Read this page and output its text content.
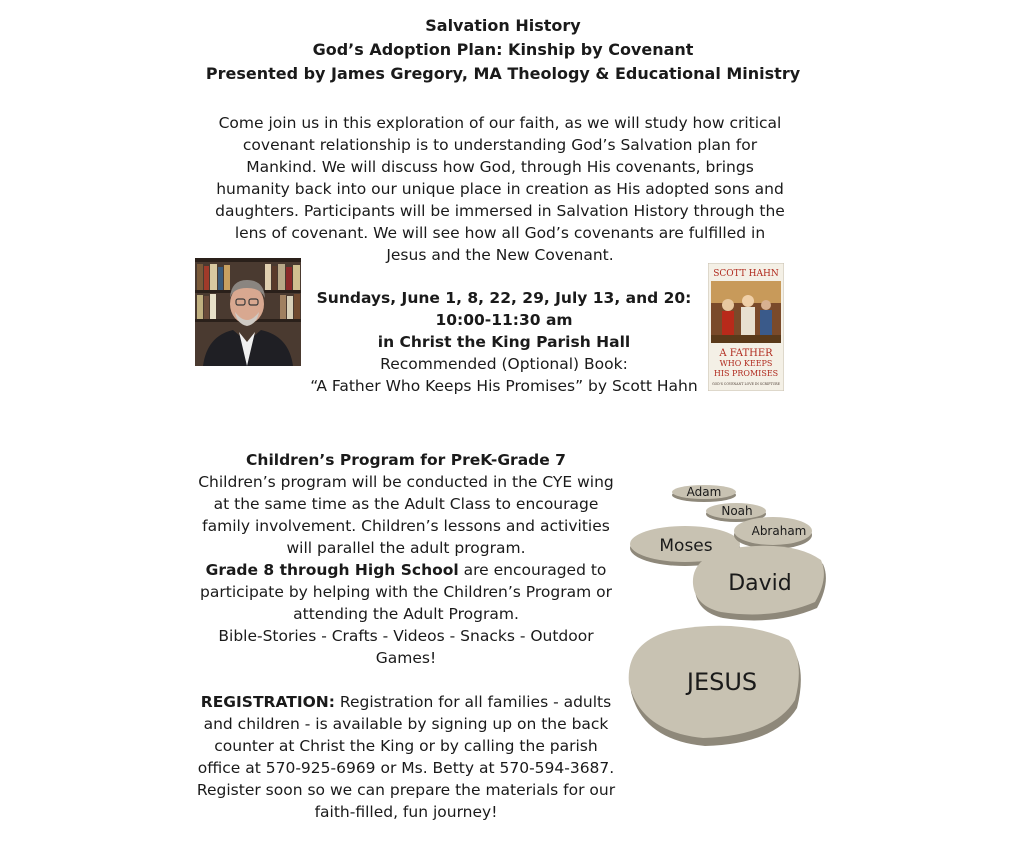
Salvation History
God’s Adoption Plan: Kinship by Covenant
Presented by James Gregory, MA Theology & Educational Ministry
Come join us in this exploration of our faith, as we will study how critical covenant relationship is to understanding God’s Salvation plan for Mankind. We will discuss how God, through His covenants, brings humanity back into our unique place in creation as His adopted sons and daughters. Participants will be immersed in Salvation History through the lens of covenant. We will see how all God’s covenants are fulfilled in Jesus and the New Covenant.
Sundays, June 1, 8, 22, 29, July 13, and 20:
10:00-11:30 am
in Christ the King Parish Hall
Recommended (Optional) Book:
“A Father Who Keeps His Promises” by Scott Hahn
SCOTT HAHN
A FATHER
WHO KEEPS
HIS PROMISES
GOD'S COVENANT LOVE IN SCRIPTURE

Children’s Program for PreK-Grade 7

Children’s program will be conducted in the CYE wing at the same time as the Adult Class to encourage family involvement. Children’s lessons and activities will parallel the adult program.

Grade 8 through High School are encouraged to participate by helping with the Children’s Program or attending the Adult Program.

Bible-Stories - Crafts - Videos - Snacks - Outdoor Games!

REGISTRATION: Registration for all families - adults and children - is available by signing up on the back counter at Christ the King or by calling the parish office at 570-925-6969 or Ms. Betty at 570-594-3687. Register soon so we can prepare the materials for our faith-filled, fun journey!

Adam
Noah
Moses
Abraham
David
JESUS
